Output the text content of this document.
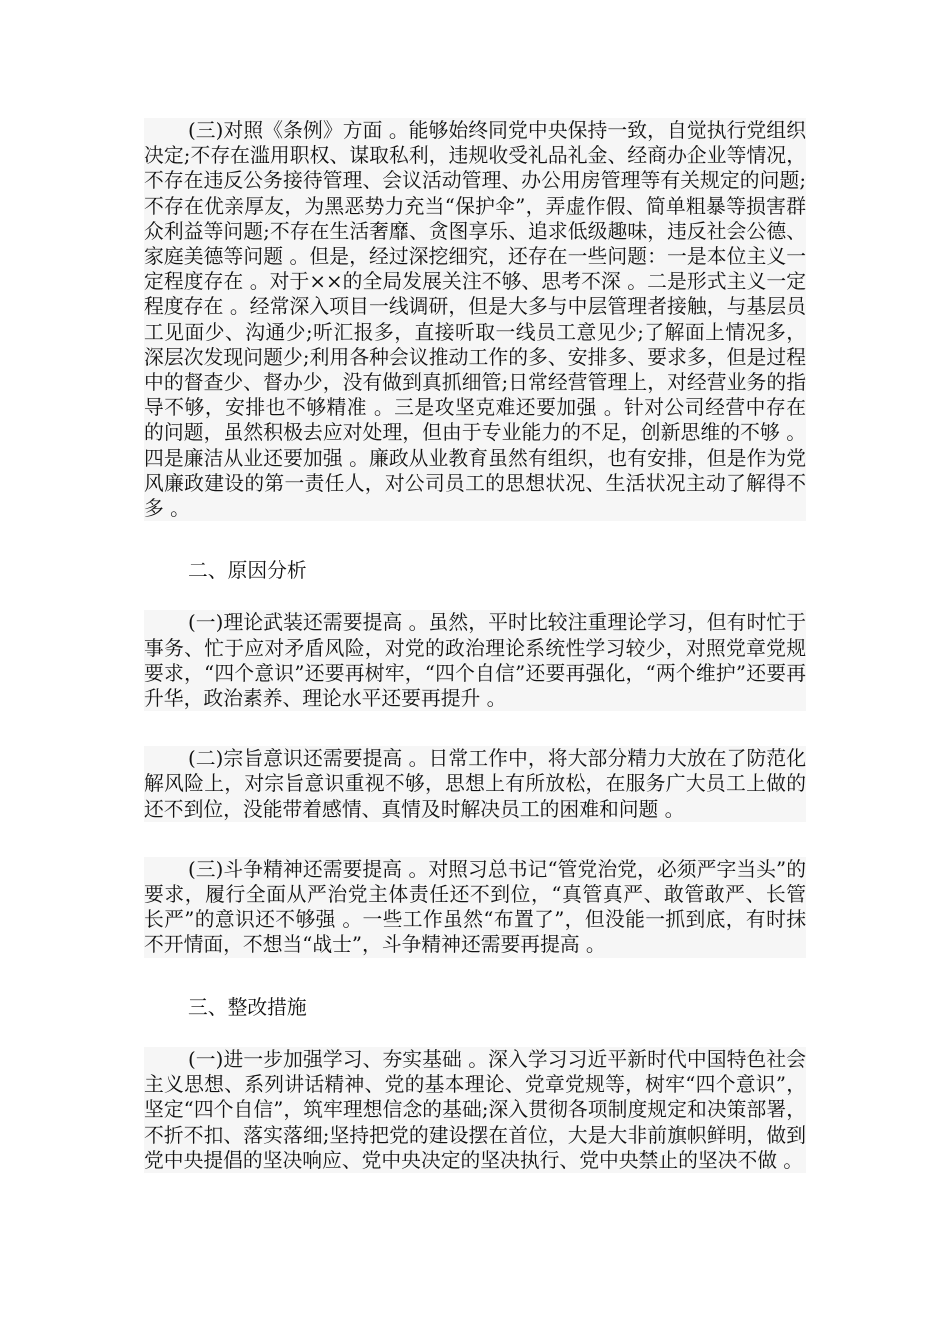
(三)对照《条例》方面 。能够始终同党中央保持一致，自觉执行党组织决定;不存在滥用职权、谋取私利，违规收受礼品礼金、经商办企业等情况，不存在违反公务接待管理、会议活动管理、办公用房管理等有关规定的问题;不存在优亲厚友，为黑恶势力充当“保护伞”，弄虚作假、简单粗暴等损害群众利益等问题;不存在生活奢靡、贪图享乐、追求低级趣味，违反社会公德、家庭美德等问题 。但是，经过深挖细究，还存在一些问题：一是本位主义一定程度存在 。对于××的全局发展关注不够、思考不深 。二是形式主义一定程度存在 。经常深入项目一线调研，但是大多与中层管理者接触，与基层员工见面少、沟通少;听汇报多，直接听取一线员工意见少;了解面上情况多，深层次发现问题少;利用各种会议推动工作的多、安排多、要求多，但是过程中的督查少、督办少，没有做到真抓细管;日常经营管理上，对经营业务的指导不够，安排也不够精准 。三是攻坚克难还要加强 。针对公司经营中存在的问题，虽然积极去应对处理，但由于专业能力的不足，创新思维的不够 。四是廉洁从业还要加强 。廉政从业教育虽然有组织，也有安排，但是作为党风廉政建设的第一责任人，对公司员工的思想状况、生活状况主动了解得不多 。

二、原因分析

(一)理论武装还需要提高 。虽然，平时比较注重理论学习，但有时忙于事务、忙于应对矛盾风险，对党的政治理论系统性学习较少，对照党章党规要求，“四个意识”还要再树牢，“四个自信”还要再强化，“两个维护”还要再升华，政治素养、理论水平还要再提升 。

(二)宗旨意识还需要提高 。日常工作中，将大部分精力大放在了防范化解风险上，对宗旨意识重视不够，思想上有所放松，在服务广大员工上做的还不到位，没能带着感情、真情及时解决员工的困难和问题 。

(三)斗争精神还需要提高 。对照习总书记“管党治党，必须严字当头”的要求，履行全面从严治党主体责任还不到位，“真管真严、敢管敢严、长管长严”的意识还不够强 。一些工作虽然“布置了”，但没能一抓到底，有时抹不开情面，不想当“战士”，斗争精神还需要再提高 。

三、整改措施

(一)进一步加强学习、夯实基础 。深入学习习近平新时代中国特色社会主义思想、系列讲话精神、党的基本理论、党章党规等，树牢“四个意识”，坚定“四个自信”，筑牢理想信念的基础;深入贯彻各项制度规定和决策部署，不折不扣、落实落细;坚持把党的建设摆在首位，大是大非前旗帜鲜明，做到党中央提倡的坚决响应、党中央决定的坚决执行、党中央禁止的坚决不做 。
